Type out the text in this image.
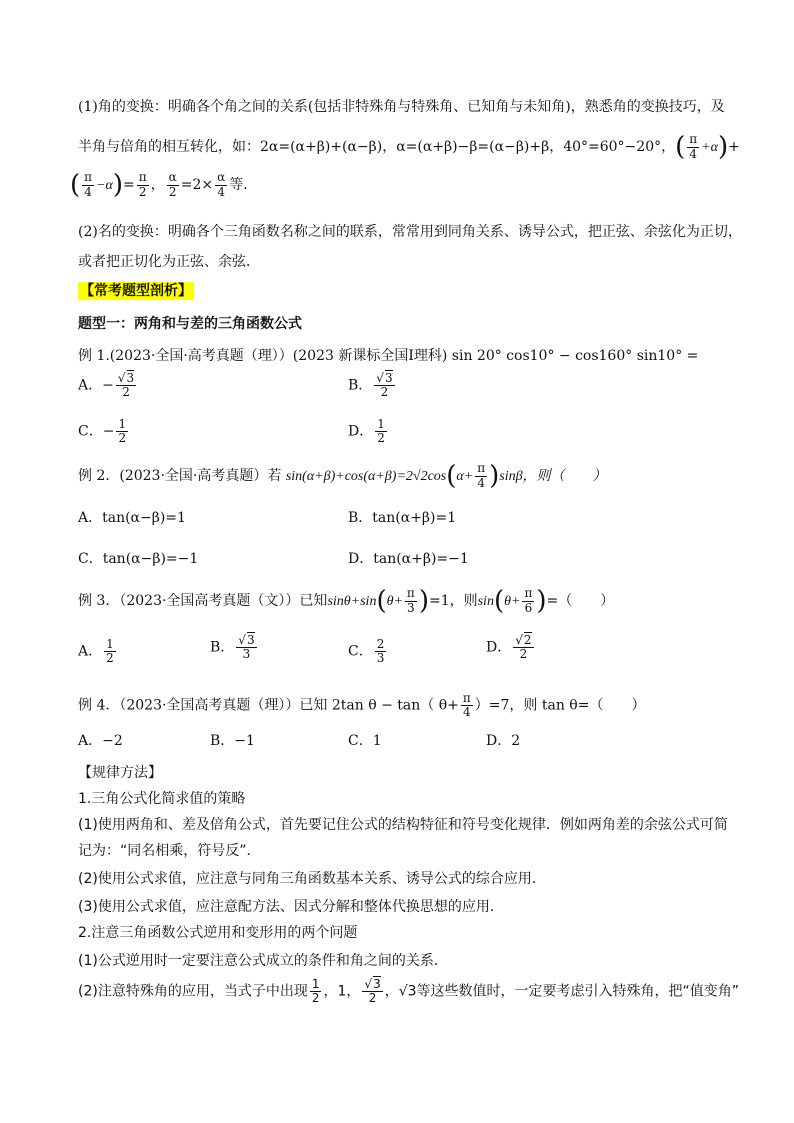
(1)角的变换：明确各个角之间的关系(包括非特殊角与特殊角、已知角与未知角)，熟悉角的变换技巧，及
半角与倍角的相互转化，如：2α=(α+β)+(α−β)，α=(α+β)−β=(α−β)+β，40°=60°−20°，( $\frac{\pi}{4} +\alpha)+$
( $\frac{\pi}{4} -\alpha)= \frac{\pi}{2}$ ， $\frac{\alpha}{2} =2\times \frac{\alpha}{4}$ 等．
(2)名的变换：明确各个三角函数名称之间的联系，常常用到同角关系、诱导公式，把正弦、余弦化为正切，
或者把正切化为正弦、余弦．
【常考题型剖析】
题型一：两角和与差的三角函数公式
例 1.(2023·全国·高考真题（理））(2023 新课标全国Ⅰ理科) sin 20° cos10° − cos160° sin10° =
A．− $\frac{√3}{2}$	B． $\frac{√3}{2}$
C．− $\frac{1}{2}$	D． $\frac{1}{2}$
例 2．(2023·全国·高考真题）若 $\sin(\alpha+\beta)+\cos(\alpha+\beta)=2√2\cos(\alpha+ \frac{\pi}{4} )\sin\beta$，则（　　）
A．tan(α−β)=1	B．tan(α+β)=1
C．tan(α−β)=−1	D．tan(α+β)=−1
例 3．（2023·全国高考真题（文））已知$\sin\theta+\sin(\theta+ \frac{\pi}{3} )=1$，则$\sin(\theta+ \frac{\pi}{6}$ )=（　　）
A． $\frac{1}{2}$	B． $\frac{√3}{3}$	C． $\frac{2}{3}$	D． $\frac{√2}{2}$
例 4．（2023·全国高考真题（理））已知 2tan θ − tan（ $\theta+ \frac{\pi}{4} )=7$，则 tan θ=（　　）
A．−2	B．−1	C．1	D．2
【规律方法】
1.三角公式化简求值的策略
(1)使用两角和、差及倍角公式，首先要记住公式的结构特征和符号变化规律．例如两角差的余弦公式可简
记为：“同名相乘，符号反”．
(2)使用公式求值，应注意与同角三角函数基本关系、诱导公式的综合应用．
(3)使用公式求值，应注意配方法、因式分解和整体代换思想的应用．
2.注意三角函数公式逆用和变形用的两个问题
(1)公式逆用时一定要注意公式成立的条件和角之间的关系．
(2)注意特殊角的应用，当式子中出现 $\frac{1}{2}$ ，1， $\frac{√3}{2}$ ，√3等这些数值时，一定要考虑引入特殊角，把“值变角”
